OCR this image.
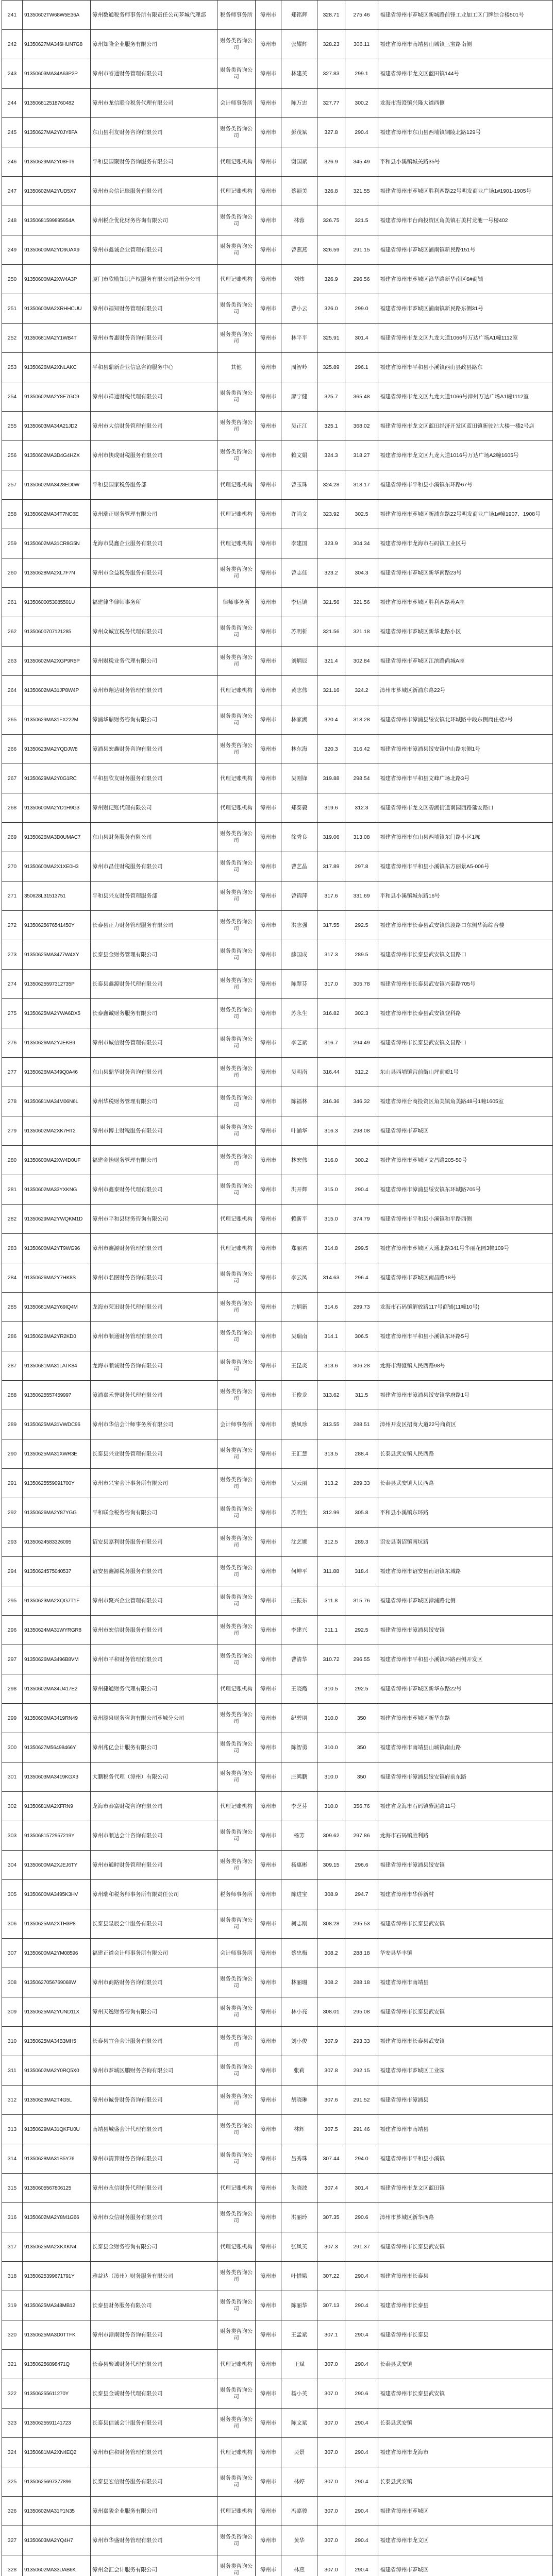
241	91350602TW68W5E36A	漳州数通税务师事务所有限责任公司芗城代理部	税务师事务所	漳州市	郑铭辉	328.71	275.46	福建省漳州市芗城区新城路前锋工业加工区门牌综合楼501号
242	91350627MA346HUN7G8	漳州知隆企业服务有限公司	财务类咨询公司	漳州市	张耀辉	328.23	306.11	福建省漳州市南靖县山城镇三宝路南侧
243	91350603MA34A63P2P	漳州市睿通财务管理有限公司	财务类咨询公司	漳州市	林建英	327.83	299.1	福建省漳州市龙文区蓝田镇144号
244	913506812518760482	漳州市龙信联合税务代理有限公司	会计师事务所	漳州市	陈万忠	327.77	300.2	龙海市海澄镇兴隆大道西侧
245	91350627MA2Y0JY8FA	东山县利友财务咨询有限公司	财务类咨询公司	漳州市	彭茂斌	327.8	290.4	福建省漳州市东山县西埔镇铜陵北路129号
246	91350629MA2Y08FT9	平和县国聚财务咨询服务有限公司	代理记账机构	漳州市	谢国斌	326.9	345.49	平和县小溪镇城关路35号
247	91350602MA2YUD5X7	漳州市会信记账服务有限公司	代理记账机构	漳州市	蔡颖美	326.8	321.55	福建省漳州市芗城区胜利西路22号明发商业广场1#1901-1905号
248	91350681599895954A	漳州税企优化财务咨询有限公司	财务类咨询公司	漳州市	林蓉	326.75	321.5	福建省漳州市台商投资区角美镇石美村龙池一号楼402
249	91350600MA2YD9UAX9	漳州市鑫诚企业管理有限公司	财务类咨询公司	漳州市	曾燕燕	326.59	291.15	福建省漳州市芗城区浦南镇新民路151号
250	91350600MA2XW4A3P	厦门市欣励知识产权服务有限公司漳州分公司	代理记账机构	漳州市	刘炜	326.9	296.56	福建省漳州市芗城区漳华路新华南区6#商铺
251	91350600MA2XRHHCUU	漳州市福知财务管理有限公司	财务类咨询公司	漳州市	曹小云	326.0	299.0	福建省漳州市芗城区浦南镇新民路东侧31号
252	91350681MA2Y1WB4T	漳州市普惠财务咨询有限公司	财务类咨询公司	漳州市	林平平	325.91	301.4	福建省漳州市龙文区九龙大道1066号万达广场A1幢1112室
253	91350626MA2XNLAKC	平和县鼎新企业信息咨询服务中心	其他	漳州市	周智岭	325.89	296.1	福建省漳州市平和县小溪镇西山县政县路东
254	91350602MA2Y8E7GC9	漳州市祥通财税代理有限公司	财务类咨询公司	漳州市	廖宁健	325.7	365.48	福建省漳州市龙文区九龙大道1066号漳州万达广场A1幢1112室
255	91350603MA34A21JD2	漳州市大信财务管理有限公司	财务类咨询公司	漳州市	吴正江	325.1	368.02	福建省漳州市龙文区蓝田经济开发区蓝田镇新驶站大楼一楼2号店
256	91350602MA3D4G4HZX	漳州市快成财税服务有限公司	财务类咨询公司	漳州市	赖文娟	324.3	318.27	福建省漳州市龙文区九龙大道1016号万达广场A2幢1605号
257	91350602MA3428ED0W	平和县国家税务服务部	代理记账机构	漳州市	曾玉珠	324.28	318.17	福建省漳州市平和县小溪镇东环路67号
258	91350602MA34T7NC6E	漳州瑞正财务管理有限公司	代理记账机构	漳州市	许尚文	323.92	302.5	福建省漳州市芗城区新浦东路22号明发商业广场1#幢1907、1908号
259	91350602MA31CR8G5N	龙海市昊鑫企业服务有限公司	代理记账机构	漳州市	李建国	323.9	304.34	福建省漳州市龙海市石码镇工业区号
260	91350628MA2XL7F7N	漳州市金益税务服务有限公司	财务类咨询公司	漳州市	曾志佳	323.2	304.3	福建省漳州市芗城区新华南路23号
261	91350600053085501U	福建律华律师事务所	律师事务所	漳州市	李远镇	321.56	321.56	福建省漳州市芗城区胜利西路苑A座
262	91350600707121285	漳州众诚宣税务代理有限公司	财务类咨询公司	漳州市	苏明析	321.56	321.18	福建省漳州市芗城区新华北路小区
263	91350602MA2XGP9R5P	漳州财税业务代理有限公司	财务类咨询公司	漳州市	刘炳辰	321.4	302.84	福建省漳州市芗城区江滨路尚城A座
264	91350602MA31JP8W4P	漳州市翔达财务管理有限公司	代理记账机构	漳州市	黄志伟	321.16	324.2	漳州市芗城区新浦东路22号
265	91350629MA31FX222M	漳浦华鼎财务咨询有限公司	财务类咨询公司	漳州市	林家湖	320.4	318.28	福建省漳州市漳浦县绥安镇北环城路中段东侧商住楼2号
266	91350623MA2YQDJW8	漳浦县宏鑫财务咨询有限公司	财务类咨询公司	漳州市	林东海	320.3	316.42	福建省漳州市漳浦县绥安镇中山路东侧1号
267	91350629MA2Y0G1RC	平和县欣友财务服务有限公司	代理记账机构	漳州市	吴刚锋	319.88	298.54	福建省漳州市平和县文峰广场北路3号
268	91350600MA2YD1H9G3	漳州财记账代理有限公司	代理记账机构	漳州市	郑泰毅	319.6	312.3	福建省漳州市龙文区碧湖街道南园西路延安路口
269	91350626MA3D0UMAC7	东山县财务服务有限公司	财务类咨询公司	漳州市	徐秀良	319.06	313.08	福建省漳州市东山县西埔镇东门路小区1栋
270	91350600MA2X1XE0H3	漳州市昌佳财税服务有限公司	财务类咨询公司	漳州市	曹艺晶	317.89	297.8	福建省漳州市平和县小溪镇东方丽景A5-006号
271	350628L31513751	平和县兴友财务管理服务部	财务类咨询公司	漳州市	曾锦萍	317.6	331.69	平和县小溪镇城东路16号
272	91350625676541450Y	长泰县正力财务管理服务有限公司	财务类咨询公司	漳州市	洪志强	317.55	292.5	福建省漳州市长泰县武安镇徐渡路口东侧华海综合楼
273	91350625MA3477W4XY	长泰县金财务管理有限公司	财务类咨询公司	漳州市	薛国成	317.3	289.5	福建省漳州市长泰县武安镇文昌路口
274	91350625597312735P	长泰县鑫源财务代理有限公司	财务类咨询公司	漳州市	陈翠芬	317.0	305.78	福建省漳州市长泰县武安镇兴泰路705号
275	91350625MA2YWA6DX5	长泰鑫诚财务服务有限公司	财务类咨询公司	漳州市	苏永生	316.82	302.3	福建省漳州市长泰县武安镇登科路
276	91350626MA2YJEKB9	漳州市诚信财务管理有限公司	财务类咨询公司	漳州市	李芝斌	316.7	294.49	福建省漳州市长泰县武安镇文昌路口
277	91350626MA349Q0A46	东山县鼎华财务咨询有限公司	财务类咨询公司	漳州市	吴明南	316.44	312.2	东山县西埔镇宫前街山坪前嶝1号
278	91350681MA34M06N6L	漳州华税财务管理有限公司	财务类咨询公司	漳州市	陈福林	316.36	346.32	福建省漳州台商投资区角美镇角美路48号1幢1605室
279	91350602MA2XK7HT2	漳州市博士财税服务有限公司	财务类咨询公司	漳州市	叶涌华	316.3	298.08	福建省漳州市芗城区
280	91350600MA2XW4D0UF	福建金怡财务管理有限公司	财务类咨询公司	漳州市	林宏伟	316.0	300.2	福建省漳州市芗城区文昌路205-50号
281	91350602MA33YXKNG	漳州市鑫泰财务代理有限公司	财务类咨询公司	漳州市	洪开辉	315.0	290.4	福建省漳州市漳浦县绥安镇东环城路705号
282	91350629MA2YWQKM1D	漳州市平和县财务咨询有限公司	代理记账机构	漳州市	赖新平	315.0	374.79	福建省漳州市平和县小溪镇和平路西侧
283	91350600MA2YT9WG96	漳州市鑫源财务管理有限公司	代理记账机构	漳州市	郑丽君	314.8	299.5	福建省漳州市芗城区大通北路341号华丽花园3幢109号
284	91350626MA2Y7HK8S	漳州市名图财务咨询有限公司	财务类咨询公司	漳州市	李云凤	314.63	296.4	福建省漳州市芗城区南昌路18号
285	91350681MA2Y69IQ4M	龙海市荣迅财务代理有限公司	财务类咨询公司	漳州市	方炳新	314.6	289.73	龙海市石码镇解放路117号商铺(11幢10号)
286	91350626MA2YR2KD0	漳州市顺通财务管理有限公司	财务类咨询公司	漳州市	吴瑞南	314.1	306.5	福建省漳州市平和县小溪镇东环路5号
287	91350681MA31LATK84	龙海市顺诚财务咨询有限公司	财务类咨询公司	漳州市	王昆炎	313.6	306.28	龙海市海澄镇人民西路98号
288	91350625557459997	漳浦嘉禾誉财务代理有限公司	财务类咨询公司	漳州市	王俊龙	313.62	311.5	福建省漳州市漳浦县绥安镇学府路1号
289	91350625MA31VWDC96	漳州市华信会计师事务所有限公司	会计师事务所	漳州市	蔡凤珍	313.55	288.51	漳州开发区招商大道22号商贸区
290	91350625MA31XWR3E	长泰县兴业财务管理有限公司	财务类咨询公司	漳州市	王汇慧	313.5	288.4	长泰县武安镇人民西路
291	91350625559091700Y	漳州市兴宝会计事务所有限公司	财务类咨询公司	漳州市	吴云丽	313.2	289.33	长泰县武安镇人民西路
292	91350626MA2Y87YGG	平和联金税务咨询有限公司	财务类咨询公司	漳州市	苏明生	312.99	305.8	平和县小溪镇东环路
293	91350624583326095	诏安县嘉利财务服务有限公司	财务类咨询公司	漳州市	沈艺娜	312.5	289.3	诏安县南诏镇南坑路
294	91350624575040537	诏安县鑫源税务服务有限公司	财务类咨询公司	漳州市	何坤平	311.88	318.4	福建省漳州市诏安县南诏镇东城路
295	91350623MA2XQG7T1F	漳州市聚兴企业管理有限公司	财务类咨询公司	漳州市	庄振东	311.8	315.76	福建省漳州市芗城区漳浦路北侧
296	91350624MA31WYRGR8	漳州市宏信财务服务有限公司	财务类咨询公司	漳州市	李建兴	311.1	292.5	福建省漳州市漳浦县绥安镇
297	91350626MA3496B8VM	漳州市平和财务管理有限公司	财务类咨询公司	漳州市	曹清华	310.72	296.55	福建省漳州市平和县小溪镇环路西侧开发区
298	91350602MA34U417E2	漳州捷通财务代理有限公司	代理记账机构	漳州市	王晓霞	310.5	292.5	福建省漳州市芗城区新华东路22号
299	91350600MA3419RN49	漳州源泉财务咨询有限公司芗城分公司	财务类咨询公司	漳州市	纪碧朋	310.0	350	福建省漳州市芗城区新华东路
300	91350627M56498466Y	漳州兆亿会计服务有限公司	财务类咨询公司	漳州市	陈智勇	310.0	350	福建省漳州市南靖县山城镇南山路
301	91350603MA3419KGX3	大鹏税务代理（漳州）有限公司	财务类咨询公司	漳州市	庄鸿鹏	310.0	350	福建省漳州市漳浦县绥安镇府前东路
302	91350681MA2XFRN9	龙海市泰富财税咨询有限公司	代理记账机构	漳州市	李芝芬	310.0	356.76	福建省龙海市石码镇紫泥路11号
303	91350681572957219Y	漳州市顺达会计咨询有限公司	财务类咨询公司	漳州市	杨芳	309.62	297.86	龙海市石码镇胜利路
304	91350600MA2XJEJ6TY	漳州市通时财务管理有限公司	财务类咨询公司	漳州市	杨惠彬	309.15	296.6	福建省漳州市漳浦县绥安镇
305	91350600MA3495K3HV	漳州瑞和税务师事务所有限责任公司	税务师事务所	漳州市	陈进宝	308.9	294.7	福建省漳州市华侨新村
306	91350625MA2XTH3P8	长泰县星辰会计服务有限公司	财务类咨询公司	漳州市	柯志刚	308.28	295.53	福建省漳州市长泰县武安镇
307	91350600MA2YM08596	福建正道会计师事务所有限公司	会计师事务所	漳州市	蔡忠梅	308.2	288.18	华安县华丰镇
308	91350627056769068W	漳州市商路财务咨询有限公司	财务类咨询公司	漳州市	林丽珊	308.2	288.18	福建省漳州市南靖县
309	91350625MA2YUND11X	漳州天逸财务咨询有限公司	财务类咨询公司	漳州市	林小亮	308.01	295.08	福建省漳州市长泰县武安镇
310	91350625MA34B3MH5	长泰县宜合会计服务有限公司	财务类咨询公司	漳州市	刘小俊	307.9	293.33	福建省漳州市长泰县武安镇
311	91350602MA2Y0RQ5X0	漳州市芗城区鹏财务咨询有限公司	财务类咨询公司	漳州市	张莉	307.8	292.15	福建省漳州市芗城区工业园
312	91350623MA2T4G5L	漳州市诚誉财务咨询有限公司	财务类咨询公司	漳州市	胡晓琳	307.6	291.52	福建省漳州市漳浦县
313	91350629MA31QKFU0U	南靖县城盛会计代理有限公司	财务类咨询公司	漳州市	林辉	307.5	291.46	福建省漳州市南靖县
314	91350628MA31B5Y76	漳州市清算财务咨询有限公司	财务类咨询公司	漳州市	吕秀珠	307.44	294.0	福建省漳州市平和县小溪镇
315	91350605567806125	漳州市永信财务代理有限公司	代理记账机构	漳州市	朱晓波	307.4	301.4	福建省漳州市龙文区蓝田镇
316	91350602MA2Y8M1G66	漳州市众信财务服务有限公司	财务类咨询公司	漳州市	洪丽玲	307.35	290.6	漳州市芗城区新华西路
317	91350625MA2XKXKN4	长泰县金财务咨询有限公司	代理记账机构	漳州市	张凤英	307.3	291.37	福建省漳州市长泰县武安镇
318	91350625399671791Y	雅益达（漳州）财务服务有限公司	财务类咨询公司	漳州市	叶惜娥	307.22	290.4	福建省漳州市长泰县
319	91350625MA348MB12	长泰县财务服务有限公司	财务类咨询公司	漳州市	陈丽华	307.13	290.4	福建省漳州市长泰县
320	91350625MA3D0TTFK	漳州市漳南财务咨询有限公司	财务类咨询公司	漳州市	王孟斌	307.1	290.4	福建省漳州市长泰县
321	913506256898471Q	长泰县聚诚财务代理有限公司	代理记账机构	漳州市	王斌	307.0	290.4	长泰县武安镇
322	913506255611270Y	长泰县金诚财务代理有限公司	财务类咨询公司	漳州市	杨小英	307.0	290.6	福建省漳州市长泰县武安镇
323	91350625591141723	长泰县信诚会计服务有限公司	财务类咨询公司	漳州市	陈文斌	307.0	290.4	长泰县武安镇
324	91350681MA2XN4EQ2	漳州市信和财务管理有限公司	代理记账机构	漳州市	吴景	307.0	290.4	福建省漳州市龙海市
325	91350625697377896	长泰县宏信财务服务有限公司	财务类咨询公司	漳州市	林婷	307.0	290.4	长泰县武安镇
326	91350602MA31P1N35	漳州嘉骏企业服务有限公司	代理记账机构	漳州市	冯嘉骏	307.0	290.4	福建省漳州市芗城区
327	91350603MA2YQ4H7	漳州市华盛财务管理有限公司	财务类咨询公司	漳州市	黄华	307.0	290.4	福建省漳州市龙文区
328	91350602MA33UAB6K	漳州金汇会计服务有限公司	财务类咨询公司	漳州市	林燕	307.0	290.4	福建省漳州市芗城区
